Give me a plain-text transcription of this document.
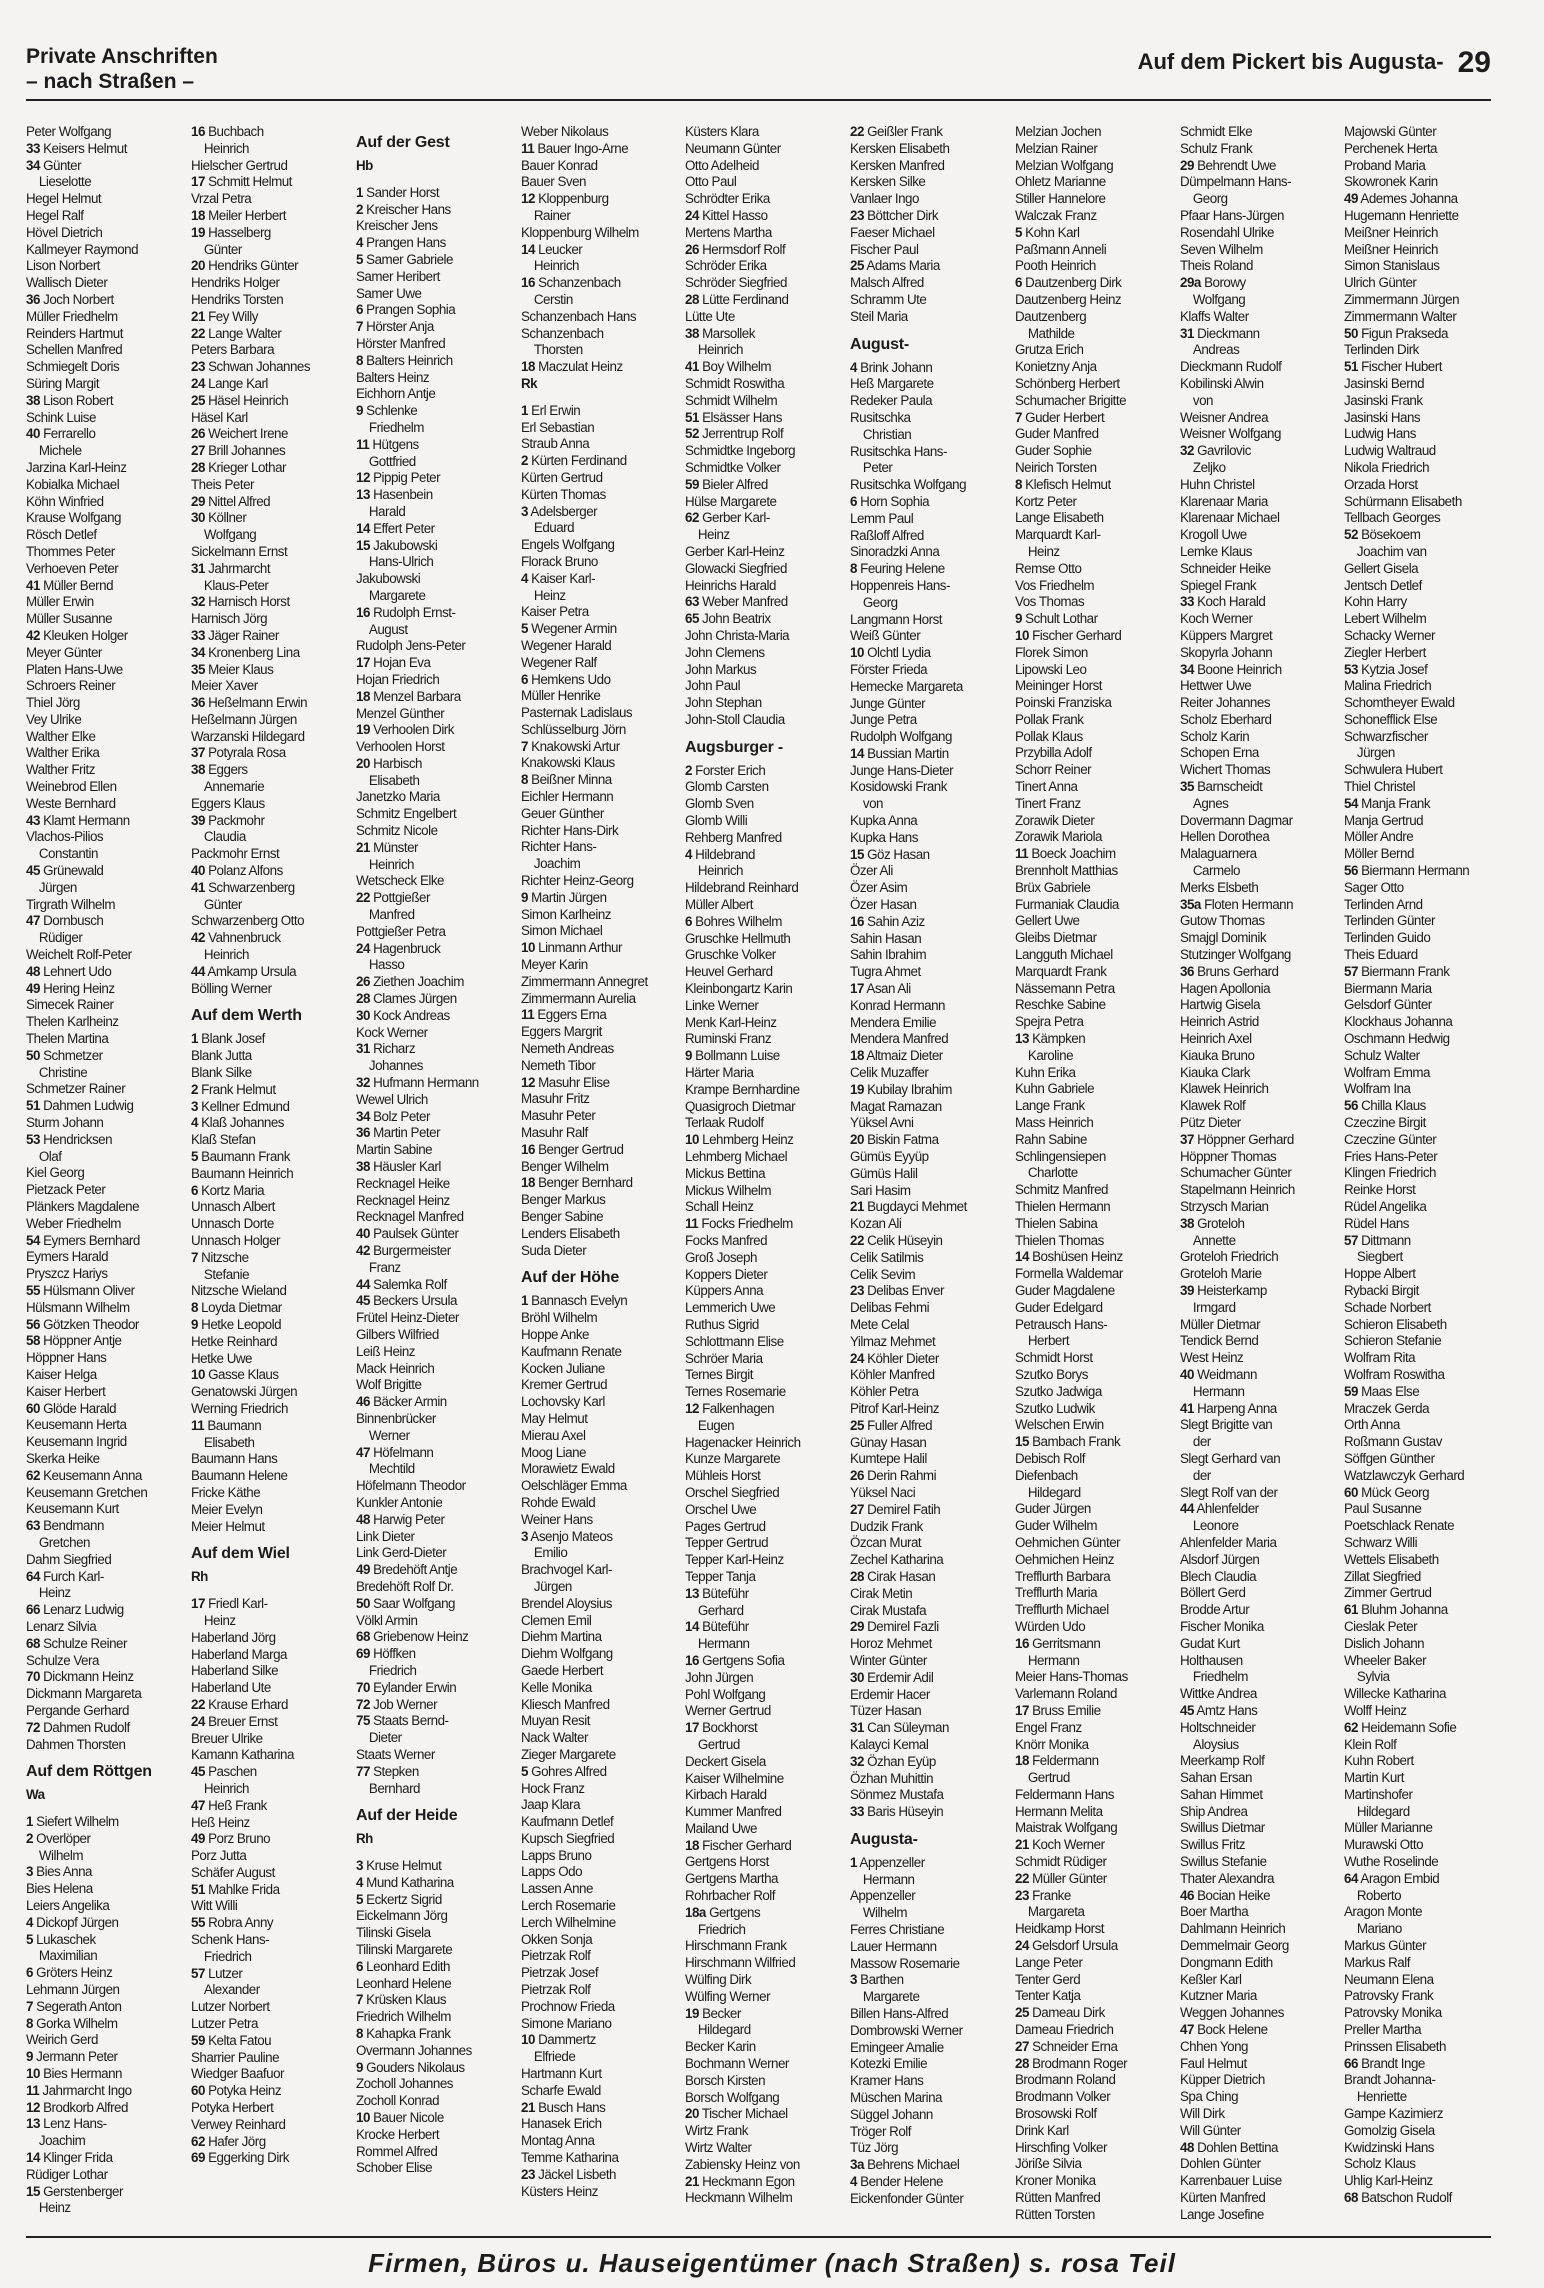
Private Anschriften
– nach Straßen –
Auf dem Pickert bis Augusta- 29
Peter Wolfgang
33 Keisers Helmut
34 Günter
 Lieselotte
Hegel Helmut
Hegel Ralf
Hövel Dietrich
Kallmeyer Raymond
Lison Norbert
Wallisch Dieter
36 Joch Norbert
Müller Friedhelm
Reinders Hartmut
Schellen Manfred
Schmiegelt Doris
Süring Margit
38 Lison Robert
Schink Luise
40 Ferrarello
 Michele
Jarzina Karl-Heinz
Kobialka Michael
Köhn Winfried
Krause Wolfgang
Rösch Detlef
Thommes Peter
Verhoeven Peter
41 Müller Bernd
Müller Erwin
Müller Susanne
42 Kleuken Holger
Meyer Günter
Platen Hans-Uwe
Schroers Reiner
Thiel Jörg
Vey Ulrike
Walther Elke
Walther Erika
Walther Fritz
Weinebrod Ellen
Weste Bernhard
43 Klamt Hermann
Vlachos-Pilios
 Constantin
45 Grünewald
 Jürgen
Tirgrath Wilhelm
47 Dornbusch
 Rüdiger
Weichelt Rolf-Peter
48 Lehnert Udo
49 Hering Heinz
Simecek Rainer
Thelen Karlheinz
Thelen Martina
50 Schmetzer
 Christine
Schmetzer Rainer
51 Dahmen Ludwig
Sturm Johann
53 Hendricksen
 Olaf
Kiel Georg
Pietzack Peter
Plänkers Magdalene
Weber Friedhelm
54 Eymers Bernhard
Eymers Harald
Pryszcz Hariys
55 Hülsmann Oliver
Hülsmann Wilhelm
56 Götzken Theodor
58 Höppner Antje
Höppner Hans
Kaiser Helga
Kaiser Herbert
60 Glöde Harald
Keusemann Herta
Keusemann Ingrid
Skerka Heike
62 Keusemann Anna
Keusemann Gretchen
Keusemann Kurt
63 Bendmann
 Gretchen
Dahm Siegfried
64 Furch Karl-
 Heinz
66 Lenarz Ludwig
Lenarz Silvia
68 Schulze Reiner
Schulze Vera
70 Dickmann Heinz
Dickmann Margareta
Pergande Gerhard
72 Dahmen Rudolf
Dahmen Thorsten
Auf dem Röttgen
Wa
1 Siefert Wilhelm
2 Overlöper
 Wilhelm
3 Bies Anna
Bies Helena
Leiers Angelika
4 Dickopf Jürgen
5 Lukaschek
 Maximilian
6 Gröters Heinz
Lehmann Jürgen
7 Segerath Anton
8 Gorka Wilhelm
Weirich Gerd
9 Jermann Peter
10 Bies Hermann
11 Jahrmarcht Ingo
12 Brodkorb Alfred
13 Lenz Hans-
 Joachim
14 Klinger Frida
Rüdiger Lothar
15 Gerstenberger
 Heinz
16 Buchbach
 Heinrich
Hielscher Gertrud
17 Schmitt Helmut
Vrzal Petra
18 Meiler Herbert
19 Hasselberg
 Günter
20 Hendriks Günter
Hendriks Holger
Hendriks Torsten
21 Fey Willy
22 Lange Walter
Peters Barbara
23 Schwan Johannes
24 Lange Karl
25 Häsel Heinrich
Häsel Karl
26 Weichert Irene
27 Brill Johannes
28 Krieger Lothar
Theis Peter
29 Nittel Alfred
30 Köllner
 Wolfgang
Sickelmann Ernst
31 Jahrmarcht
 Klaus-Peter
32 Harnisch Horst
Harnisch Jörg
33 Jäger Rainer
34 Kronenberg Lina
35 Meier Klaus
Meier Xaver
36 Heßelmann Erwin
Heßelmann Jürgen
Warzanski Hildegard
37 Potyrala Rosa
38 Eggers
 Annemarie
Eggers Klaus
39 Packmohr
 Claudia
Packmohr Ernst
40 Polanz Alfons
41 Schwarzenberg
 Günter
Schwarzenberg Otto
42 Vahnenbruck
 Heinrich
44 Amkamp Ursula
Bölling Werner
Auf dem Werth
1 Blank Josef
Blank Jutta
Blank Silke
2 Frank Helmut
3 Kellner Edmund
4 Klaß Johannes
Klaß Stefan
5 Baumann Frank
Baumann Heinrich
6 Kortz Maria
Unnasch Albert
Unnasch Dorte
Unnasch Holger
7 Nitzsche
 Stefanie
Nitzsche Wieland
8 Loyda Dietmar
9 Hetke Leopold
Hetke Reinhard
Hetke Uwe
10 Gasse Klaus
Genatowski Jürgen
Werning Friedrich
11 Baumann
 Elisabeth
Baumann Hans
Baumann Helene
Fricke Käthe
Meier Evelyn
Meier Helmut
Auf dem Wiel
Rh
17 Friedl Karl-
 Heinz
Haberland Jörg
Haberland Marga
Haberland Silke
Haberland Ute
22 Krause Erhard
24 Breuer Ernst
Breuer Ulrike
Kamann Katharina
45 Paschen
 Heinrich
47 Heß Frank
Heß Heinz
49 Porz Bruno
Porz Jutta
Schäfer August
51 Mahlke Frida
Witt Willi
55 Robra Anny
Schenk Hans-
 Friedrich
57 Lutzer
 Alexander
Lutzer Norbert
Lutzer Petra
59 Kelta Fatou
Sharrier Pauline
Wiedger Baafuor
60 Potyka Heinz
Potyka Herbert
Verwey Reinhard
62 Hafer Jörg
69 Eggerking Dirk
Auf der Gest
Hb
1 Sander Horst
2 Kreischer Hans
Kreischer Jens
4 Prangen Hans
5 Samer Gabriele
Samer Heribert
Samer Uwe
6 Prangen Sophia
7 Hörster Anja
Hörster Manfred
8 Balters Heinrich
Balters Heinz
Eichhorn Antje
9 Schlenke
 Friedhelm
11 Hütgens
 Gottfried
12 Pippig Peter
13 Hasenbein
 Harald
14 Effert Peter
15 Jakubowski
 Hans-Ulrich
Jakubowski
 Margarete
16 Rudolph Ernst-
 August
Rudolph Jens-Peter
17 Hojan Eva
Hojan Friedrich
18 Menzel Barbara
Menzel Günther
19 Verhoolen Dirk
Verhoolen Horst
20 Harbisch
 Elisabeth
Janetzko Maria
Schmitz Engelbert
Schmitz Nicole
21 Münster
 Heinrich
Wetscheck Elke
22 Pottgießer
 Manfred
Pottgießer Petra
24 Hagenbruck
 Hasso
26 Ziethen Joachim
28 Clames Jürgen
30 Kock Andreas
Kock Werner
31 Richarz
 Johannes
32 Hufmann Hermann
Wewel Ulrich
34 Bolz Peter
36 Martin Peter
Martin Sabine
38 Häusler Karl
Recknagel Heike
Recknagel Heinz
Recknagel Manfred
40 Paulsek Günter
42 Burgermeister
 Franz
44 Salemka Rolf
45 Beckers Ursula
Frütel Heinz-Dieter
Gilbers Wilfried
Leiß Heinz
Mack Heinrich
Wolf Brigitte
46 Bäcker Armin
Binnenbrücker
 Werner
47 Höfelmann
 Mechtild
Höfelmann Theodor
Kunkler Antonie
48 Harwig Peter
Link Dieter
Link Gerd-Dieter
49 Bredehöft Antje
Bredehöft Rolf Dr.
50 Saar Wolfgang
Völkl Armin
68 Griebenow Heinz
69 Höffken
 Friedrich
70 Eylander Erwin
72 Job Werner
75 Staats Bernd-
 Dieter
Staats Werner
77 Stepken
 Bernhard
Auf der Heide
Rh
3 Kruse Helmut
4 Mund Katharina
5 Eckertz Sigrid
Eickelmann Jörg
Tilinski Gisela
Tilinski Margarete
6 Leonhard Edith
Leonhard Helene
7 Krüsken Klaus
Friedrich Wilhelm
8 Kahapka Frank
Overmann Johannes
9 Gouders Nikolaus
Zocholl Johannes
Zocholl Konrad
10 Bauer Nicole
Krocke Herbert
Rommel Alfred
Schober Elise
Weber Nikolaus
11 Bauer Ingo-Arne
Bauer Konrad
Bauer Sven
12 Kloppenburg
 Rainer
Kloppenburg Wilhelm
14 Leucker
 Heinrich
16 Schanzenbach
 Cerstin
Schanzenbach Hans
Schanzenbach
 Thorsten
18 Maczulat Heinz
Rk
1 Erl Erwin
Erl Sebastian
Straub Anna
2 Kürten Ferdinand
Kürten Gertrud
Kürten Thomas
3 Adelsberger
 Eduard
Engels Wolfgang
Florack Bruno
4 Kaiser Karl-
 Heinz
Kaiser Petra
5 Wegener Armin
Wegener Harald
Wegener Ralf
6 Hemkens Udo
Müller Henrike
Pasternak Ladislaus
Schlüsselburg Jörn
7 Knakowski Artur
Knakowski Klaus
8 Beißner Minna
Eichler Hermann
Geuer Günther
Richter Hans-Dirk
Richter Hans-
 Joachim
Richter Heinz-Georg
9 Martin Jürgen
Simon Karlheinz
Simon Michael
10 Linmann Arthur
Meyer Karin
Zimmermann Annegret
Zimmermann Aurelia
11 Eggers Erna
Eggers Margrit
Nemeth Andreas
Nemeth Tibor
12 Masuhr Elise
Masuhr Fritz
Masuhr Peter
Masuhr Ralf
16 Benger Gertrud
Benger Wilhelm
18 Benger Bernhard
Benger Markus
Benger Sabine
Lenders Elisabeth
Suda Dieter
Auf der Höhe
1 Bannasch Evelyn
Bröhl Wilhelm
Hoppe Anke
Kaufmann Renate
Kocken Juliane
Kremer Gertrud
Lochovsky Karl
May Helmut
Mierau Axel
Moog Liane
Morawietz Ewald
Oelschläger Emma
Rohde Ewald
Weiner Hans
3 Asenjo Mateos
 Emilio
Brachvogel Karl-
 Jürgen
Brendel Aloysius
Clemen Emil
Diehm Martina
Diehm Wolfgang
Gaede Herbert
Kelle Monika
Kliesch Manfred
Muyan Resit
Nack Walter
Zieger Margarete
5 Gohres Alfred
Hock Franz
Jaap Klara
Kaufmann Detlef
Kupsch Siegfried
Lapps Bruno
Lapps Odo
Lassen Anne
Lerch Rosemarie
Lerch Wilhelmine
Okken Sonja
Pietrzak Rolf
Pietrzak Josef
Pietrzak Rolf
Prochnow Frieda
Simone Mariano
10 Dammertz
 Elfriede
Hartmann Kurt
Scharfe Ewald
21 Busch Hans
Hanasek Erich
Montag Anna
Temme Katharina
23 Jäckel Lisbeth
Küsters Heinz
Küsters Klara
Neumann Günter
Otto Adelheid
Otto Paul
Schrödter Erika
24 Kittel Hasso
Mertens Martha
26 Hermsdorf Rolf
Schröder Erika
Schröder Siegfried
28 Lütte Ferdinand
Lütte Ute
38 Marsollek
 Heinrich
41 Boy Wilhelm
Schmidt Roswitha
Schmidt Wilhelm
51 Elsässer Hans
52 Jerrentrup Rolf
Schmidtke Ingeborg
Schmidtke Volker
59 Bieler Alfred
Hülse Margarete
62 Gerber Karl-
 Heinz
Gerber Karl-Heinz
Glowacki Siegfried
Heinrichs Harald
63 Weber Manfred
65 John Beatrix
John Christa-Maria
John Clemens
John Markus
John Paul
John Stephan
John-Stoll Claudia
Augsburger -
2 Forster Erich
Glomb Carsten
Glomb Sven
Glomb Willi
Rehberg Manfred
4 Hildebrand
 Heinrich
Hildebrand Reinhard
Müller Albert
6 Bohres Wilhelm
Gruschke Hellmuth
Gruschke Volker
Heuvel Gerhard
Kleinbongartz Karin
Linke Werner
Menk Karl-Heinz
Ruminski Franz
9 Bollmann Luise
Härter Maria
Krampe Bernhardine
Quasigroch Dietmar
Terlaak Rudolf
10 Lehmberg Heinz
Lehmberg Michael
Mickus Bettina
Mickus Wilhelm
Schall Heinz
11 Focks Friedhelm
Focks Manfred
Groß Joseph
Koppers Dieter
Küppers Anna
Lemmerich Uwe
Ruthus Sigrid
Schlottmann Elise
Schröer Maria
Ternes Birgit
Ternes Rosemarie
12 Falkenhagen
 Eugen
Hagenacker Heinrich
Kunze Margarete
Mühleis Horst
Orschel Siegfried
Orschel Uwe
Pages Gertrud
Tepper Gertrud
Tepper Karl-Heinz
Tepper Tanja
13 Büteführ
 Gerhard
14 Büteführ
 Hermann
16 Gertgens Sofia
John Jürgen
Pohl Wolfgang
Werner Gertrud
17 Bockhorst
 Gertrud
Deckert Gisela
Kaiser Wilhelmine
Kirbach Harald
Kummer Manfred
Mailand Uwe
18 Fischer Gerhard
Gertgens Horst
Gertgens Martha
Rohrbacher Rolf
18a Gertgens
 Friedrich
Hirschmann Frank
Hirschmann Wilfried
Wülfing Dirk
Wülfing Werner
19 Becker
 Hildegard
Becker Karin
Bochmann Werner
Borsch Kirsten
Borsch Wolfgang
20 Tischer Michael
Wirtz Frank
Wirtz Walter
Zabiensky Heinz von
21 Heckmann Egon
Heckmann Wilhelm
22 Geißler Frank
Kersken Elisabeth
Kersken Manfred
Kersken Silke
Vanlaer Ingo
23 Böttcher Dirk
Faeser Michael
Fischer Paul
25 Adams Maria
Malsch Alfred
Schramm Ute
Steil Maria
August-
4 Brink Johann
Heß Margarete
Redeker Paula
Rusitschka
 Christian
Rusitschka Hans-
 Peter
Rusitschka Wolfgang
6 Horn Sophia
Lemm Paul
Raßloff Alfred
Sinoradzki Anna
8 Feuring Helene
Hoppenreis Hans-
 Georg
Langmann Horst
Weiß Günter
10 Olchtl Lydia
Förster Frieda
Hemecke Margareta
Junge Günter
Junge Petra
Rudolph Wolfgang
14 Bussian Martin
Junge Hans-Dieter
Kosidowski Frank
 von
Kupka Anna
Kupka Hans
15 Göz Hasan
Özer Ali
Özer Asim
Özer Hasan
16 Sahin Aziz
Sahin Hasan
Sahin Ibrahim
Tugra Ahmet
17 Asan Ali
Konrad Hermann
Mendera Emilie
Mendera Manfred
18 Altmaiz Dieter
Celik Muzaffer
19 Kubilay Ibrahim
Magat Ramazan
Yüksel Avni
20 Biskin Fatma
Gümüs Eyyüp
Gümüs Halil
Sari Hasim
21 Bugdayci Mehmet
Kozan Ali
22 Celik Hüseyin
Celik Satilmis
Celik Sevim
23 Delibas Enver
Delibas Fehmi
Mete Celal
Yilmaz Mehmet
24 Köhler Dieter
Köhler Manfred
Köhler Petra
Pitrof Karl-Heinz
25 Fuller Alfred
Günay Hasan
Kumtepe Halil
26 Derin Rahmi
Yüksel Naci
27 Demirel Fatih
Dudzik Frank
Özcan Murat
Zechel Katharina
28 Cirak Hasan
Cirak Metin
Cirak Mustafa
29 Demirel Fazli
Horoz Mehmet
Winter Günter
30 Erdemir Adil
Erdemir Hacer
Tüzer Hasan
31 Can Süleyman
Kalayci Kemal
32 Özhan Eyüp
Özhan Muhittin
Sönmez Mustafa
33 Baris Hüseyin
Augusta-
1 Appenzeller
 Hermann
Appenzeller
 Wilhelm
Ferres Christiane
Lauer Hermann
Massow Rosemarie
3 Barthen
 Margarete
Billen Hans-Alfred
Dombrowski Werner
Emingeer Amalie
Kotezki Emilie
Kramer Hans
Müschen Marina
Süggel Johann
Tröger Rolf
Tüz Jörg
3a Behrens Michael
4 Bender Helene
Eickenfonder Günter
Melzian Jochen
Melzian Rainer
Melzian Wolfgang
Ohletz Marianne
Stiller Hannelore
Walczak Franz
5 Kohn Karl
Paßmann Anneli
Pooth Heinrich
6 Dautzenberg Dirk
Dautzenberg Heinz
Dautzenberg
 Mathilde
Grutza Erich
Konietzny Anja
Schönberg Herbert
Schumacher Brigitte
7 Guder Herbert
Guder Manfred
Guder Sophie
Neirich Torsten
8 Klefisch Helmut
Kortz Peter
Lange Elisabeth
Marquardt Karl-
 Heinz
Remse Otto
Vos Friedhelm
Vos Thomas
9 Schult Lothar
10 Fischer Gerhard
Florek Simon
Lipowski Leo
Meininger Horst
Poinski Franziska
Pollak Frank
Pollak Klaus
Przybilla Adolf
Schorr Reiner
Tinert Anna
Tinert Franz
Zorawik Dieter
Zorawik Mariola
11 Boeck Joachim
Brennholt Matthias
Brüx Gabriele
Furmaniak Claudia
Gellert Uwe
Gleibs Dietmar
Langguth Michael
Marquardt Frank
Nässemann Petra
Reschke Sabine
Spejra Petra
13 Kämpken
 Karoline
Kuhn Erika
Kuhn Gabriele
Lange Frank
Mass Heinrich
Rahn Sabine
Schlingensiepen
 Charlotte
Schmitz Manfred
Thielen Hermann
Thielen Sabina
Thielen Thomas
14 Boshüsen Heinz
Formella Waldemar
Guder Magdalene
Guder Edelgard
Petrausch Hans-
 Herbert
Schmidt Horst
Szutko Borys
Szutko Jadwiga
Szutko Ludwik
Welschen Erwin
15 Bambach Frank
Debisch Rolf
Diefenbach
 Hildegard
Guder Jürgen
Guder Wilhelm
Oehmichen Günter
Oehmichen Heinz
Trefflurth Barbara
Trefflurth Maria
Trefflurth Michael
Würden Udo
16 Gerritsmann
 Hermann
Meier Hans-Thomas
Varlemann Roland
17 Bruss Emilie
Engel Franz
Knörr Monika
18 Feldermann
 Gertrud
Feldermann Hans
Hermann Melita
Maistrak Wolfgang
21 Koch Werner
Schmidt Rüdiger
22 Müller Günter
23 Franke
 Margareta
Heidkamp Horst
24 Gelsdorf Ursula
Lange Peter
Tenter Gerd
Tenter Katja
25 Dameau Dirk
Dameau Friedrich
27 Schneider Erna
28 Brodmann Roger
Brodmann Roland
Brodmann Volker
Brosowski Rolf
Drink Karl
Hirschfing Volker
Jöriße Silvia
Kroner Monika
Rütten Manfred
Rütten Torsten
Schmidt Elke
Schulz Frank
29 Behrendt Uwe
Dümpelmann Hans-
 Georg
Pfaar Hans-Jürgen
Rosendahl Ulrike
Seven Wilhelm
Theis Roland
29a Borowy
 Wolfgang
Klaffs Walter
31 Dieckmann
 Andreas
Dieckmann Rudolf
Kobilinski Alwin
 von
Weisner Andrea
Weisner Wolfgang
32 Gavrilovic
 Zeljko
Huhn Christel
Klarenaar Maria
Klarenaar Michael
Krogoll Uwe
Lemke Klaus
Schneider Heike
Spiegel Frank
33 Koch Harald
Koch Werner
Küppers Margret
Skopyrla Johann
34 Boone Heinrich
Hettwer Uwe
Reiter Johannes
Scholz Eberhard
Scholz Karin
Schopen Erna
Wichert Thomas
35 Barnscheidt
 Agnes
Dovermann Dagmar
Hellen Dorothea
Malaguarnera
 Carmelo
Merks Elsbeth
35a Floten Hermann
Gutow Thomas
Smajgl Dominik
Stutzinger Wolfgang
36 Bruns Gerhard
Hagen Apollonia
Hartwig Gisela
Heinrich Astrid
Heinrich Axel
Kiauka Bruno
Kiauka Clark
Klawek Heinrich
Klawek Rolf
Pütz Dieter
37 Höppner Gerhard
Höppner Thomas
Schumacher Günter
Stapelmann Heinrich
Strzysch Marian
38 Groteloh
 Annette
Groteloh Friedrich
Groteloh Marie
39 Heisterkamp
 Irmgard
Müller Dietmar
Tendick Bernd
West Heinz
40 Weidmann
 Hermann
41 Harpeng Anna
Slegt Brigitte van
 der
Slegt Gerhard van
 der
Slegt Rolf van der
44 Ahlenfelder
 Leonore
Ahlenfelder Maria
Alsdorf Jürgen
Blech Claudia
Böllert Gerd
Brodde Artur
Fischer Monika
Gudat Kurt
Holthausen
 Friedhelm
Wittke Andrea
45 Amtz Hans
Holtschneider
 Aloysius
Meerkamp Rolf
Sahan Ersan
Sahan Himmet
Ship Andrea
Swillus Dietmar
Swillus Fritz
Swillus Stefanie
Thater Alexandra
46 Bocian Heike
Boer Martha
Dahlmann Heinrich
Demmelmair Georg
Dongmann Edith
Keßler Karl
Kutzner Maria
Weggen Johannes
47 Bock Helene
Chhen Yong
Faul Helmut
Küpper Dietrich
Spa Ching
Will Dirk
Will Günter
48 Dohlen Bettina
Dohlen Günter
Karrenbauer Luise
Kürten Manfred
Lange Josefine
Majowski Günter
Perchenek Herta
Proband Maria
Skowronek Karin
49 Ademes Johanna
Hugemann Henriette
Meißner Heinrich
Meißner Heinrich
Simon Stanislaus
Ulrich Günter
Zimmermann Jürgen
Zimmermann Walter
50 Figun Prakseda
Terlinden Dirk
51 Fischer Hubert
Jasinski Bernd
Jasinski Frank
Jasinski Hans
Ludwig Hans
Ludwig Waltraud
Nikola Friedrich
Orzada Horst
Schürmann Elisabeth
Tellbach Georges
52 Bösekoem
 Joachim van
Gellert Gisela
Jentsch Detlef
Kohn Harry
Lebert Wilhelm
Schacky Werner
Ziegler Herbert
53 Kytzia Josef
Malina Friedrich
Schomtheyer Ewald
Schonefflick Else
Schwarzfischer
 Jürgen
Schwulera Hubert
Thiel Christel
54 Manja Frank
Manja Gertrud
Möller Andre
Möller Bernd
56 Biermann Hermann
Sager Otto
Terlinden Arnd
Terlinden Günter
Terlinden Guido
Theis Eduard
57 Biermann Frank
Biermann Maria
Gelsdorf Günter
Klockhaus Johanna
Oschmann Hedwig
Schulz Walter
Wolfram Emma
Wolfram Ina
56 Chilla Klaus
Czeczine Birgit
Czeczine Günter
Fries Hans-Peter
Klingen Friedrich
Reinke Horst
Rüdel Angelika
Rüdel Hans
57 Dittmann
 Siegbert
Hoppe Albert
Rybacki Birgit
Schade Norbert
Schieron Elisabeth
Schieron Stefanie
Wolfram Rita
Wolfram Roswitha
59 Maas Else
Mraczek Gerda
Orth Anna
Roßmann Gustav
Söffgen Günther
Watzlawczyk Gerhard
60 Mück Georg
Paul Susanne
Poetschlack Renate
Schwarz Willi
Wettels Elisabeth
Zillat Siegfried
Zimmer Gertrud
61 Bluhm Johanna
Cieslak Peter
Dislich Johann
Wheeler Baker
 Sylvia
Willecke Katharina
Wolff Heinz
62 Heidemann Sofie
Klein Rolf
Kuhn Robert
Martin Kurt
Martinshofer
 Hildegard
Müller Marianne
Murawski Otto
Wuthe Roselinde
64 Aragon Embid
 Roberto
Aragon Monte
 Mariano
Markus Günter
Markus Ralf
Neumann Elena
Patrovsky Frank
Patrovsky Monika
Preller Martha
Prinssen Elisabeth
66 Brandt Inge
Brandt Johanna-
 Henriette
Gampe Kazimierz
Gomolzig Gisela
Kwidzinski Hans
Scholz Klaus
Uhlig Karl-Heinz
68 Batschon Rudolf
Firmen, Büros u. Hauseigentümer (nach Straßen) s. rosa Teil
